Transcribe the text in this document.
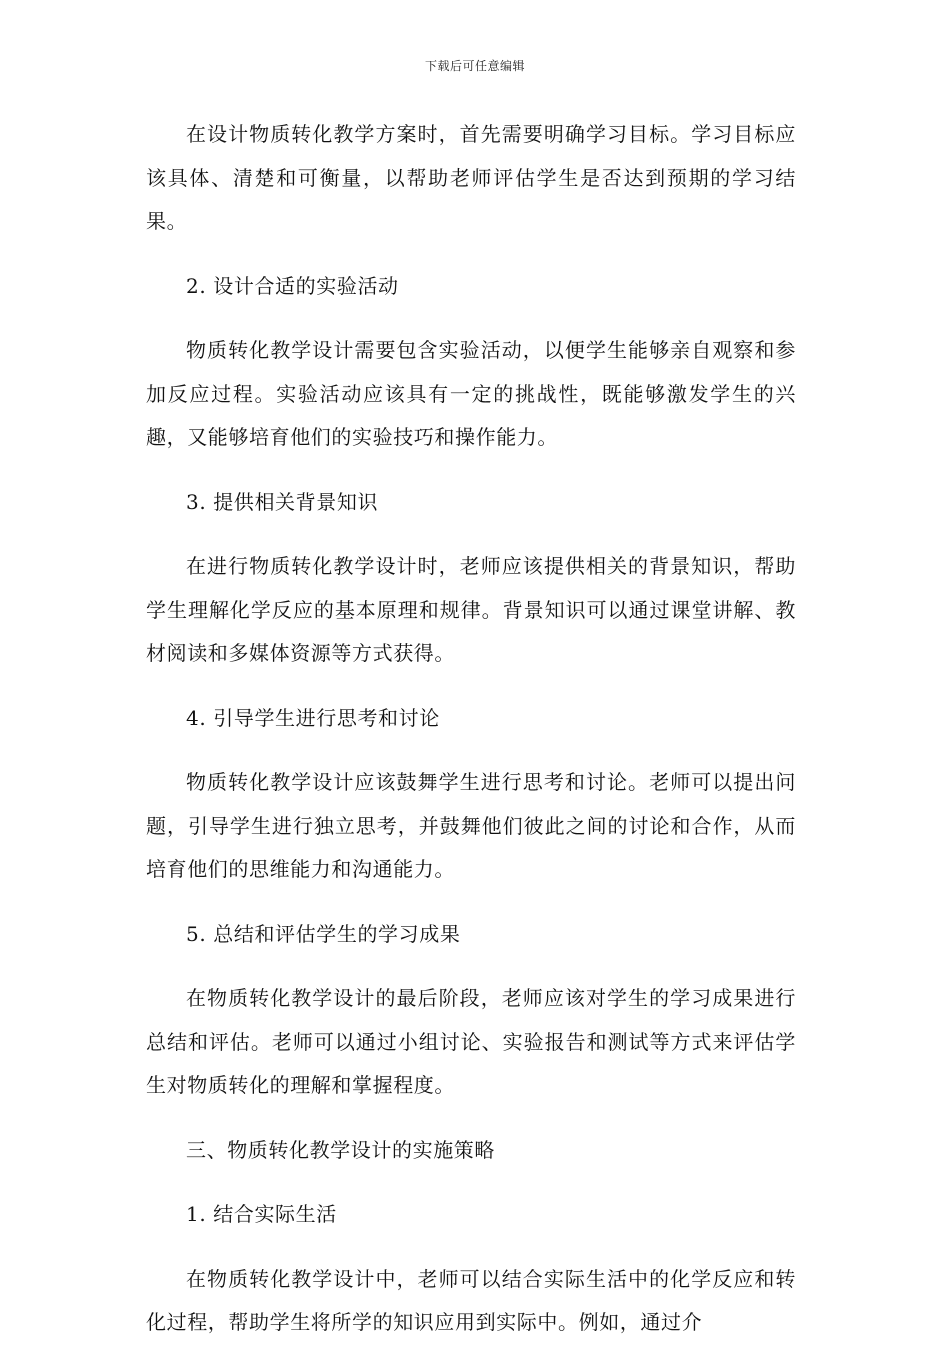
下载后可任意编辑

在设计物质转化教学方案时，首先需要明确学习目标。学习目标应该具体、清楚和可衡量，以帮助老师评估学生是否达到预期的学习结果。

2. 设计合适的实验活动

物质转化教学设计需要包含实验活动，以便学生能够亲自观察和参加反应过程。实验活动应该具有一定的挑战性，既能够激发学生的兴趣，又能够培育他们的实验技巧和操作能力。

3. 提供相关背景知识

在进行物质转化教学设计时，老师应该提供相关的背景知识，帮助学生理解化学反应的基本原理和规律。背景知识可以通过课堂讲解、教材阅读和多媒体资源等方式获得。

4. 引导学生进行思考和讨论

物质转化教学设计应该鼓舞学生进行思考和讨论。老师可以提出问题，引导学生进行独立思考，并鼓舞他们彼此之间的讨论和合作，从而培育他们的思维能力和沟通能力。

5. 总结和评估学生的学习成果

在物质转化教学设计的最后阶段，老师应该对学生的学习成果进行总结和评估。老师可以通过小组讨论、实验报告和测试等方式来评估学生对物质转化的理解和掌握程度。

三、物质转化教学设计的实施策略

1. 结合实际生活

在物质转化教学设计中，老师可以结合实际生活中的化学反应和转化过程，帮助学生将所学的知识应用到实际中。例如，通过介
